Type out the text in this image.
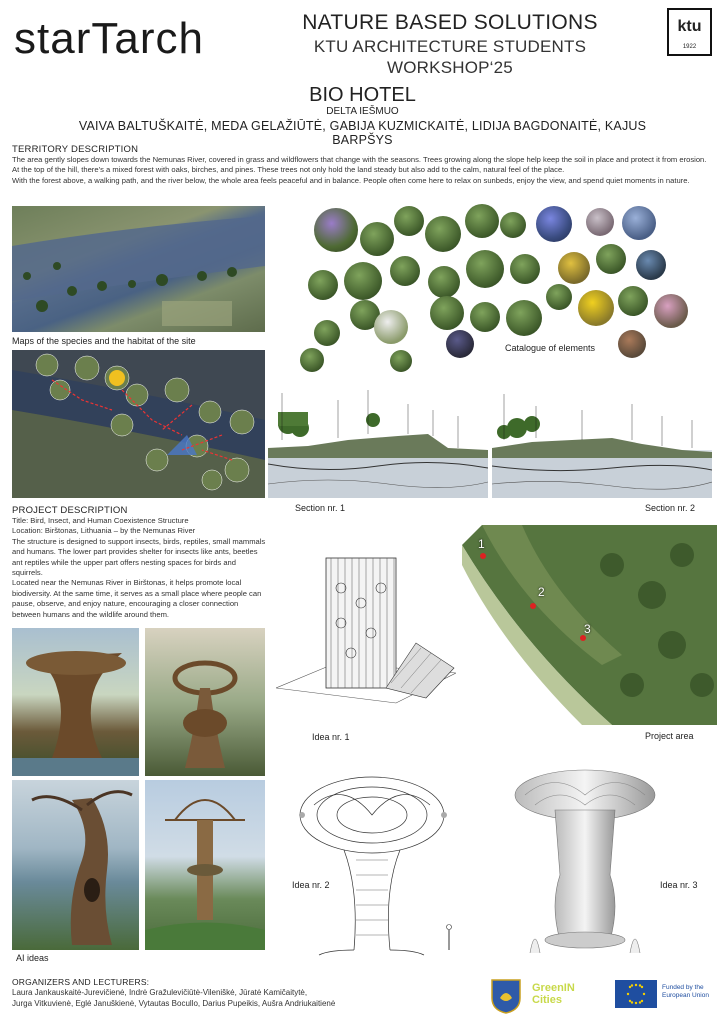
starTarch	NATURE BASED SOLUTIONS
KTU ARCHITECTURE STUDENTS WORKSHOP‘25
ktu
1922
BIO HOTEL
DELTA IEŠMUO
VAIVA BALTUŠKAITĖ, MEDA GELAŽIŪTĖ, GABIJA KUZMICKAITĖ, LIDIJA BAGDONAITĖ, KAJUS BARPŠYS
TERRITORY DESCRIPTION
The area gently slopes down towards the Nemunas River, covered in grass and wildflowers that change with the seasons. Trees growing along the slope help keep the soil in place and protect it from erosion.
At the top of the hill, there’s a mixed forest with oaks, birches, and pines. These trees not only hold the land steady but also add to the calm, natural feel of the place.
With the forest above, a walking path, and the river below, the whole area feels peaceful and in balance. People often come here to relax on sunbeds, enjoy the view, and spend quiet moments in nature.
Maps of the species and the habitat of the site
Catalogue of elements
Section nr. 1	Section nr. 2
PROJECT DESCRIPTION
Title: Bird, Insect, and Human Coexistence Structure
Location: Birštonas, Lithuania – by the Nemunas River
The structure is designed to support insects, birds, reptiles, small mammals and humans. The lower part provides shelter for insects like ants, beetles ant reptiles while the upper part offers nesting spaces for birds and squirrels.
Located near the Nemunas River in Birštonas, it helps promote local biodiversity. At the same time, it serves as a small place where people can pause, observe, and enjoy nature, encouraging a closer connection between humans and the wildlife around them.
Idea nr. 1
1
2
3
Project area
AI ideas
Idea nr. 2	Idea nr. 3
ORGANIZERS AND LECTURERS:
Laura Jankauskaitė-Jurevičienė, Indrė Gražulevičiūtė-Vileniškė, Jūratė Kamičaitytė,
Jurga Vitkuvienė, Eglė Januškienė, Vytautas Bocullo, Darius Pupeikis, Aušra Andriukaitienė
GreenIN Cities
Funded by the
European Union
